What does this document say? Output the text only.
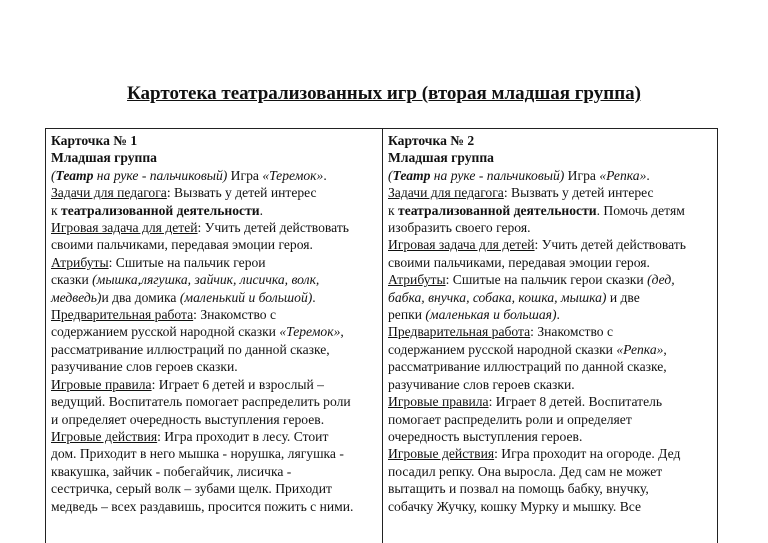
Картотека театрализованных игр (вторая младшая группа)
Карточка № 1
Младшая группа
(Театр на руке - пальчиковый) Игра «Теремок».
Задачи для педагога: Вызвать у детей интерес
к театрализованной деятельности.
Игровая задача для детей: Учить детей действовать
своими пальчиками, передавая эмоции героя.
Атрибуты: Сшитые на пальчик герои
сказки (мышка,лягушка, зайчик, лисичка, волк,
медведь)и два домика (маленький и большой).
Предварительная работа: Знакомство с
содержанием русской народной сказки «Теремок»,
рассматривание иллюстраций по данной сказке,
разучивание слов героев сказки.
Игровые правила: Играет 6 детей и взрослый –
ведущий. Воспитатель помогает распределить роли
и определяет очередность выступления героев.
Игровые действия: Игра проходит в лесу. Стоит
дом. Приходит в него мышка - норушка, лягушка -
квакушка, зайчик - побегайчик, лисичка -
сестричка, серый волк – зубами щелк. Приходит
медведь – всех раздавишь, просится пожить с ними.
Карточка № 2
Младшая группа
(Театр на руке - пальчиковый) Игра «Репка».
Задачи для педагога: Вызвать у детей интерес
к театрализованной деятельности. Помочь детям
изобразить своего героя.
Игровая задача для детей: Учить детей действовать
своими пальчиками, передавая эмоции героя.
Атрибуты: Сшитые на пальчик герои сказки (дед,
бабка, внучка, собака, кошка, мышка) и две
репки (маленькая и большая).
Предварительная работа: Знакомство с
содержанием русской народной сказки «Репка»,
рассматривание иллюстраций по данной сказке,
разучивание слов героев сказки.
Игровые правила: Играет 8 детей. Воспитатель
помогает распределить роли и определяет
очередность выступления героев.
Игровые действия: Игра проходит на огороде. Дед
посадил репку. Она выросла. Дед сам не может
вытащить и позвал на помощь бабку, внучку,
собачку Жучку, кошку Мурку и мышку. Все
